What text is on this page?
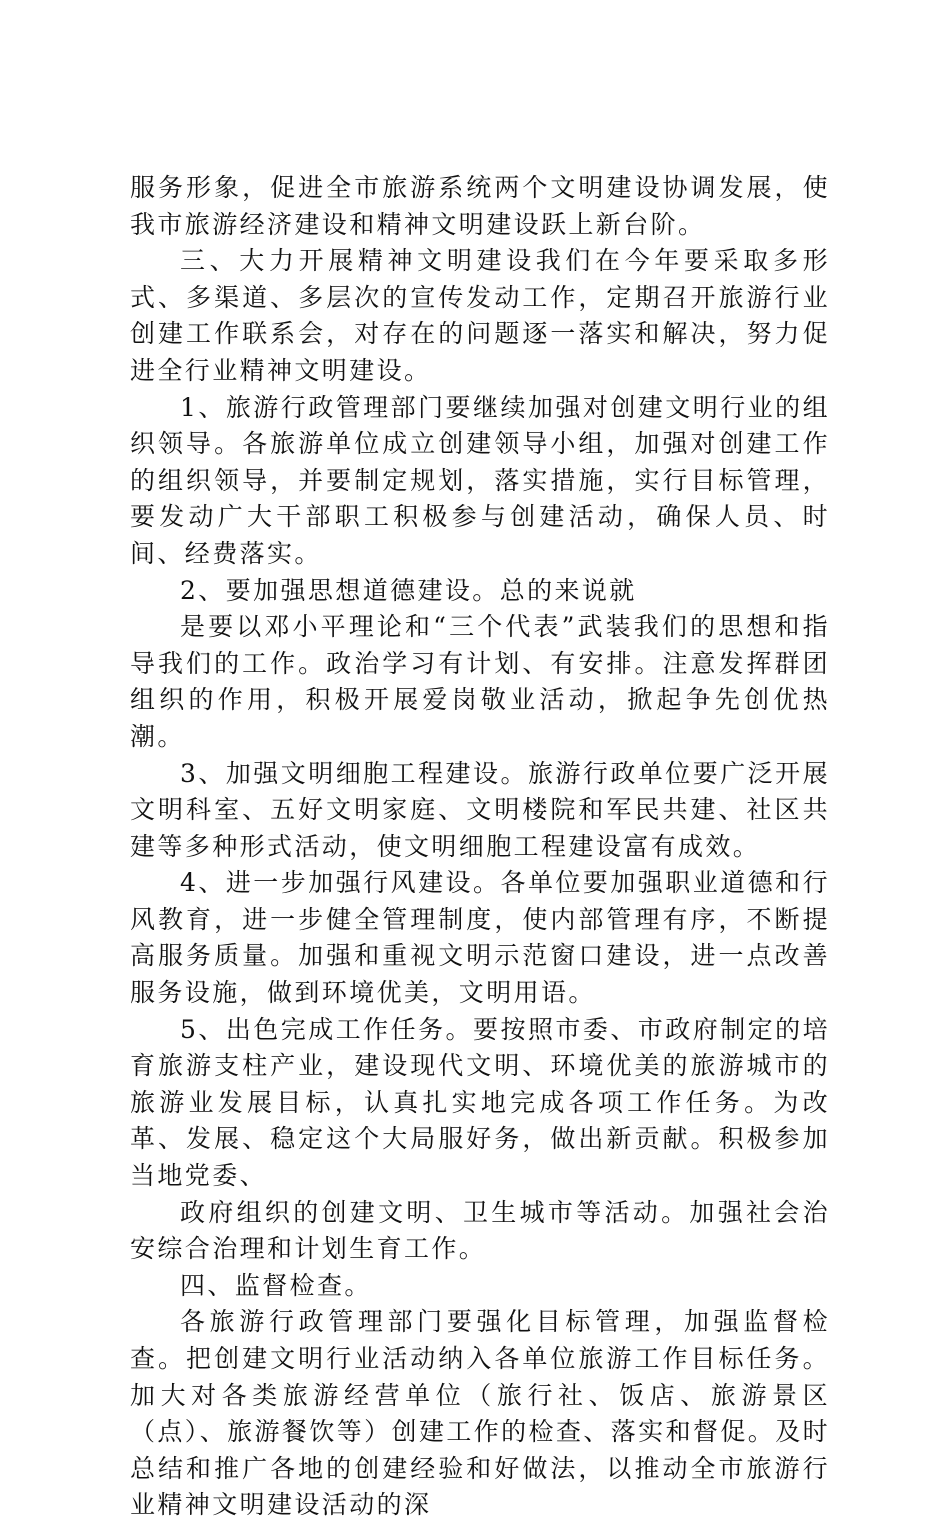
服务形象，促进全市旅游系统两个文明建设协调发展，使我市旅游经济建设和精神文明建设跃上新台阶。

三、大力开展精神文明建设我们在今年要采取多形式、多渠道、多层次的宣传发动工作，定期召开旅游行业创建工作联系会，对存在的问题逐一落实和解决，努力促进全行业精神文明建设。

1、旅游行政管理部门要继续加强对创建文明行业的组织领导。各旅游单位成立创建领导小组，加强对创建工作的组织领导，并要制定规划，落实措施，实行目标管理，要发动广大干部职工积极参与创建活动，确保人员、时间、经费落实。

2、要加强思想道德建设。总的来说就

是要以邓小平理论和“三个代表”武装我们的思想和指导我们的工作。政治学习有计划、有安排。注意发挥群团组织的作用，积极开展爱岗敬业活动，掀起争先创优热潮。

3、加强文明细胞工程建设。旅游行政单位要广泛开展文明科室、五好文明家庭、文明楼院和军民共建、社区共建等多种形式活动，使文明细胞工程建设富有成效。

4、进一步加强行风建设。各单位要加强职业道德和行风教育，进一步健全管理制度，使内部管理有序，不断提高服务质量。加强和重视文明示范窗口建设，进一点改善服务设施，做到环境优美，文明用语。

5、出色完成工作任务。要按照市委、市政府制定的培育旅游支柱产业，建设现代文明、环境优美的旅游城市的旅游业发展目标，认真扎实地完成各项工作任务。为改革、发展、稳定这个大局服好务，做出新贡献。积极参加当地党委、

政府组织的创建文明、卫生城市等活动。加强社会治安综合治理和计划生育工作。

四、监督检查。

各旅游行政管理部门要强化目标管理，加强监督检查。把创建文明行业活动纳入各单位旅游工作目标任务。加大对各类旅游经营单位（旅行社、饭店、旅游景区（点）、旅游餐饮等）创建工作的检查、落实和督促。及时总结和推广各地的创建经验和好做法，以推动全市旅游行业精神文明建设活动的深
